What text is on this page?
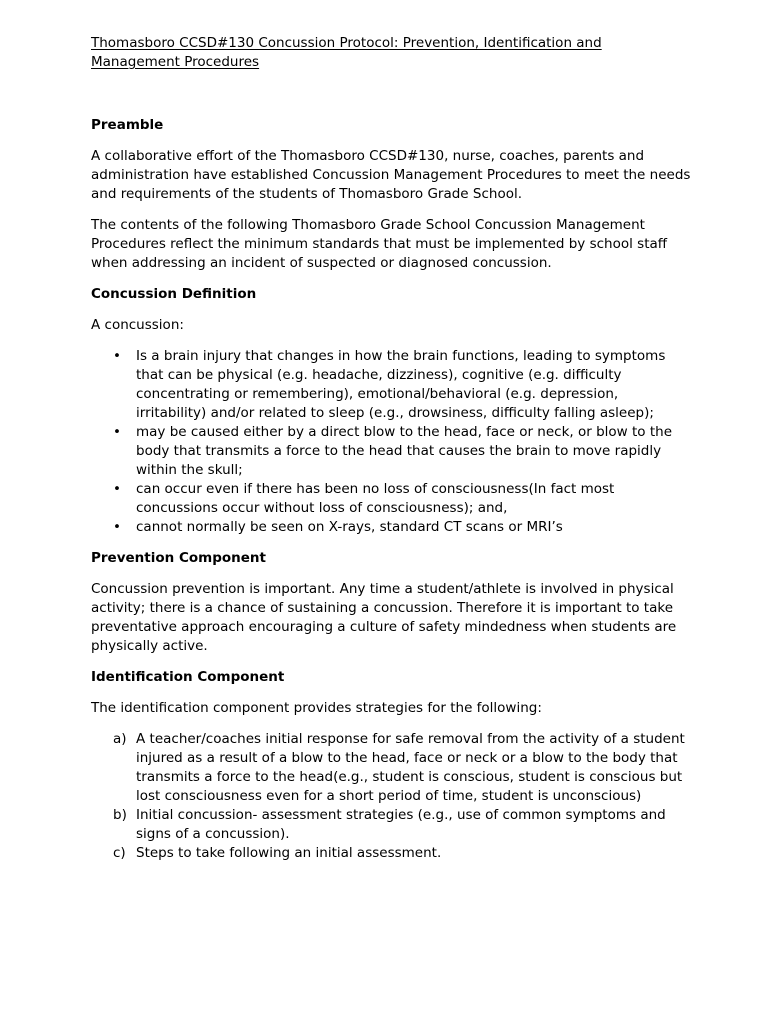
Thomasboro CCSD#130 Concussion Protocol: Prevention, Identification and Management Procedures
Preamble

A collaborative effort of the Thomasboro CCSD#130, nurse, coaches, parents and administration have established Concussion Management Procedures to meet the needs and requirements of the students of Thomasboro Grade School.

The contents of the following Thomasboro Grade School Concussion Management Procedures reflect the minimum standards that must be implemented by school staff when addressing an incident of suspected or diagnosed concussion.

Concussion Definition

A concussion:

• Is a brain injury that changes in how the brain functions, leading to symptoms that can be physical (e.g. headache, dizziness), cognitive (e.g. difficulty concentrating or remembering), emotional/behavioral (e.g. depression, irritability) and/or related to sleep (e.g., drowsiness, difficulty falling asleep);
• may be caused either by a direct blow to the head, face or neck, or blow to the body that transmits a force to the head that causes the brain to move rapidly within the skull;
• can occur even if there has been no loss of consciousness(In fact most concussions occur without loss of consciousness); and,
• cannot normally be seen on X-rays, standard CT scans or MRI’s
Prevention Component

Concussion prevention is important. Any time a student/athlete is involved in physical activity; there is a chance of sustaining a concussion. Therefore it is important to take preventative approach encouraging a culture of safety mindedness when students are physically active.

Identification Component

The identification component provides strategies for the following:

a) A teacher/coaches initial response for safe removal from the activity of a student injured as a result of a blow to the head, face or neck or a blow to the body that transmits a force to the head(e.g., student is conscious, student is conscious but lost consciousness even for a short period of time, student is unconscious)
b) Initial concussion- assessment strategies (e.g., use of common symptoms and signs of a concussion).
c) Steps to take following an initial assessment.
